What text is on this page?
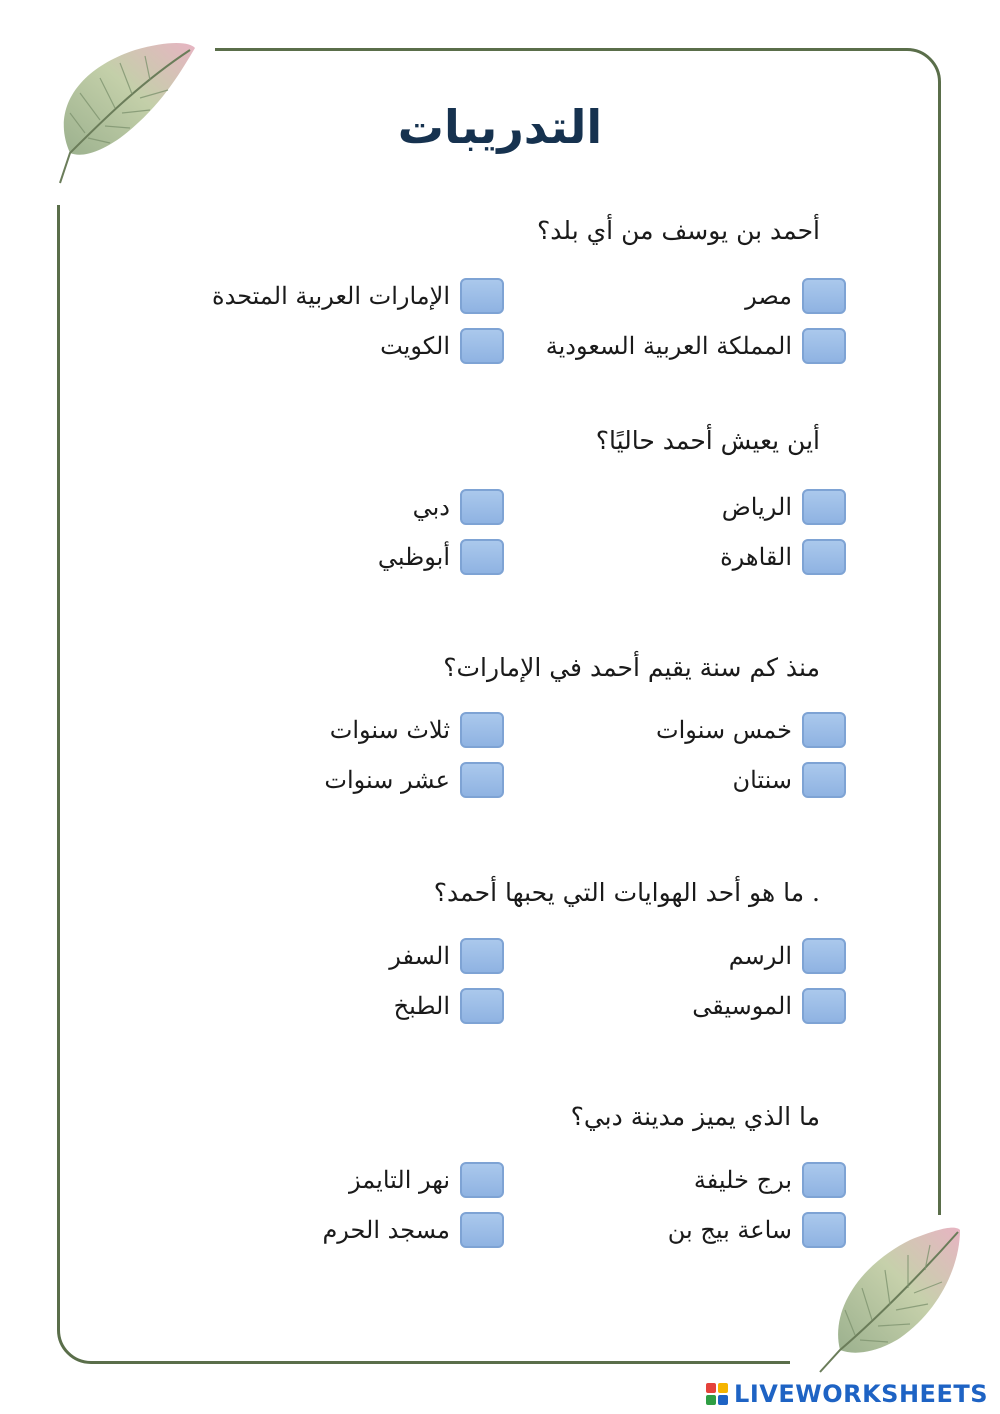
التدريبات
أحمد بن يوسف من أي بلد؟
مصر
الإمارات العربية المتحدة
المملكة العربية السعودية
الكويت
أين يعيش أحمد حاليًا؟
الرياض
دبي
القاهرة
أبوظبي
منذ كم سنة يقيم أحمد في الإمارات؟
خمس سنوات
ثلاث سنوات
سنتان
عشر سنوات
. ما هو أحد الهوايات التي يحبها أحمد؟
الرسم
السفر
الموسيقى
الطبخ
ما الذي يميز مدينة دبي؟
برج خليفة
نهر التايمز
ساعة بيج بن
مسجد الحرم
LIVEWORKSHEETS
